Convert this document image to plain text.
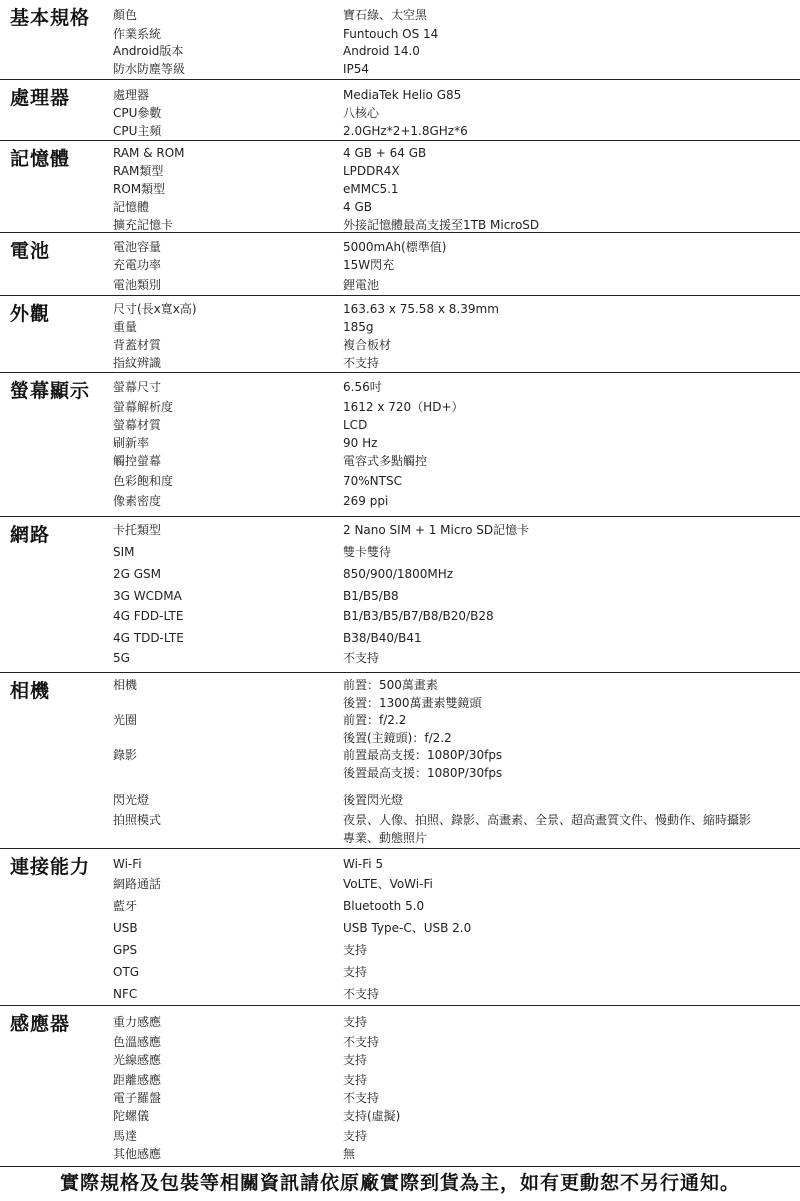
基本規格 顏色	寶石綠、太空黑
作業系統	Funtouch OS 14
Android版本	Android 14.0
防水防塵等級	IP54
處理器	處理器	MediaTek Helio G85
CPU參數	八核心
CPU主頻	2.0GHz*2+1.8GHz*6
記憶體	RAM & ROM	4 GB + 64 GB
RAM類型	LPDDR4X
ROM類型	eMMC5.1
記憶體	4 GB
擴充記憶卡	外接記憶體最高支援至1TB MicroSD
電池	電池容量	5000mAh(標準值)
充電功率	15W閃充
電池類別	鋰電池
外觀	尺寸(長x寬x高)	163.63 x 75.58 x 8.39mm
重量	185g
背蓋材質	複合板材
指紋辨識	不支持
螢幕顯示 螢幕尺寸	6.56吋
螢幕解析度	1612 x 720（HD+）
螢幕材質	LCD
刷新率	90 Hz
觸控螢幕	電容式多點觸控
色彩飽和度	70%NTSC
像素密度	269 ppi
網路	卡托類型	2 Nano SIM + 1 Micro SD記憶卡
SIM	雙卡雙待
2G GSM	850/900/1800MHz
3G WCDMA	B1/B5/B8
4G FDD-LTE	B1/B3/B5/B7/B8/B20/B28
4G TDD-LTE	B38/B40/B41
5G	不支持
相機	相機	前置：500萬畫素
後置：1300萬畫素雙鏡頭
光圈	前置：f/2.2
後置(主鏡頭)：f/2.2
錄影	前置最高支援：1080P/30fps
後置最高支援：1080P/30fps
閃光燈	後置閃光燈
拍照模式	夜景、人像、拍照、錄影、高畫素、全景、超高畫質文件、慢動作、縮時攝影
專業、動態照片
連接能力 Wi-Fi	Wi-Fi 5
網路通話	VoLTE、VoWi-Fi
藍牙	Bluetooth 5.0
USB	USB Type-C、USB 2.0
GPS	支持
OTG	支持
NFC	不支持
感應器	重力感應	支持
色溫感應	不支持
光線感應	支持
距離感應	支持
電子羅盤	不支持
陀螺儀	支持(虛擬)
馬達	支持
其他感應	無
實際規格及包裝等相關資訊請依原廠實際到貨為主，如有更動恕不另行通知。
